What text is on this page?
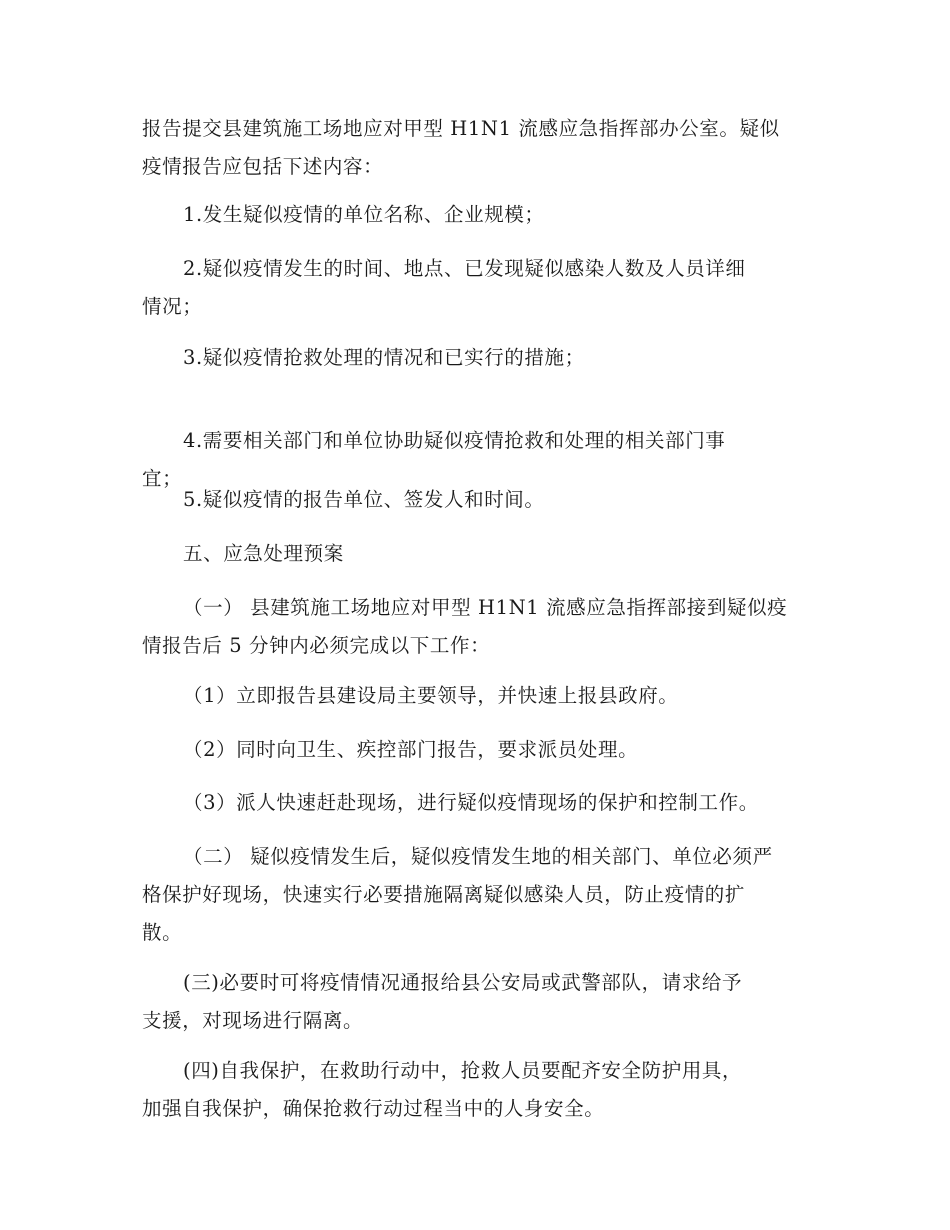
报告提交县建筑施工场地应对甲型 H1N1 流感应急指挥部办公室。疑似
疫情报告应包括下述内容：

1.发生疑似疫情的单位名称、企业规模；

2.疑似疫情发生的时间、地点、已发现疑似感染人数及人员详细
情况；

3.疑似疫情抢救处理的情况和已实行的措施；

4.需要相关部门和单位协助疑似疫情抢救和处理的相关部门事
宜；

5.疑似疫情的报告单位、签发人和时间。

五、应急处理预案

（一） 县建筑施工场地应对甲型 H1N1 流感应急指挥部接到疑似疫
情报告后 5 分钟内必须完成以下工作：

（1）立即报告县建设局主要领导，并快速上报县政府。

（2）同时向卫生、疾控部门报告，要求派员处理。

（3）派人快速赶赴现场，进行疑似疫情现场的保护和控制工作。

（二） 疑似疫情发生后，疑似疫情发生地的相关部门、单位必须严
格保护好现场，快速实行必要措施隔离疑似感染人员，防止疫情的扩
散。

(三)必要时可将疫情情况通报给县公安局或武警部队，请求给予
支援，对现场进行隔离。

(四)自我保护，在救助行动中，抢救人员要配齐安全防护用具，
加强自我保护，确保抢救行动过程当中的人身安全。
